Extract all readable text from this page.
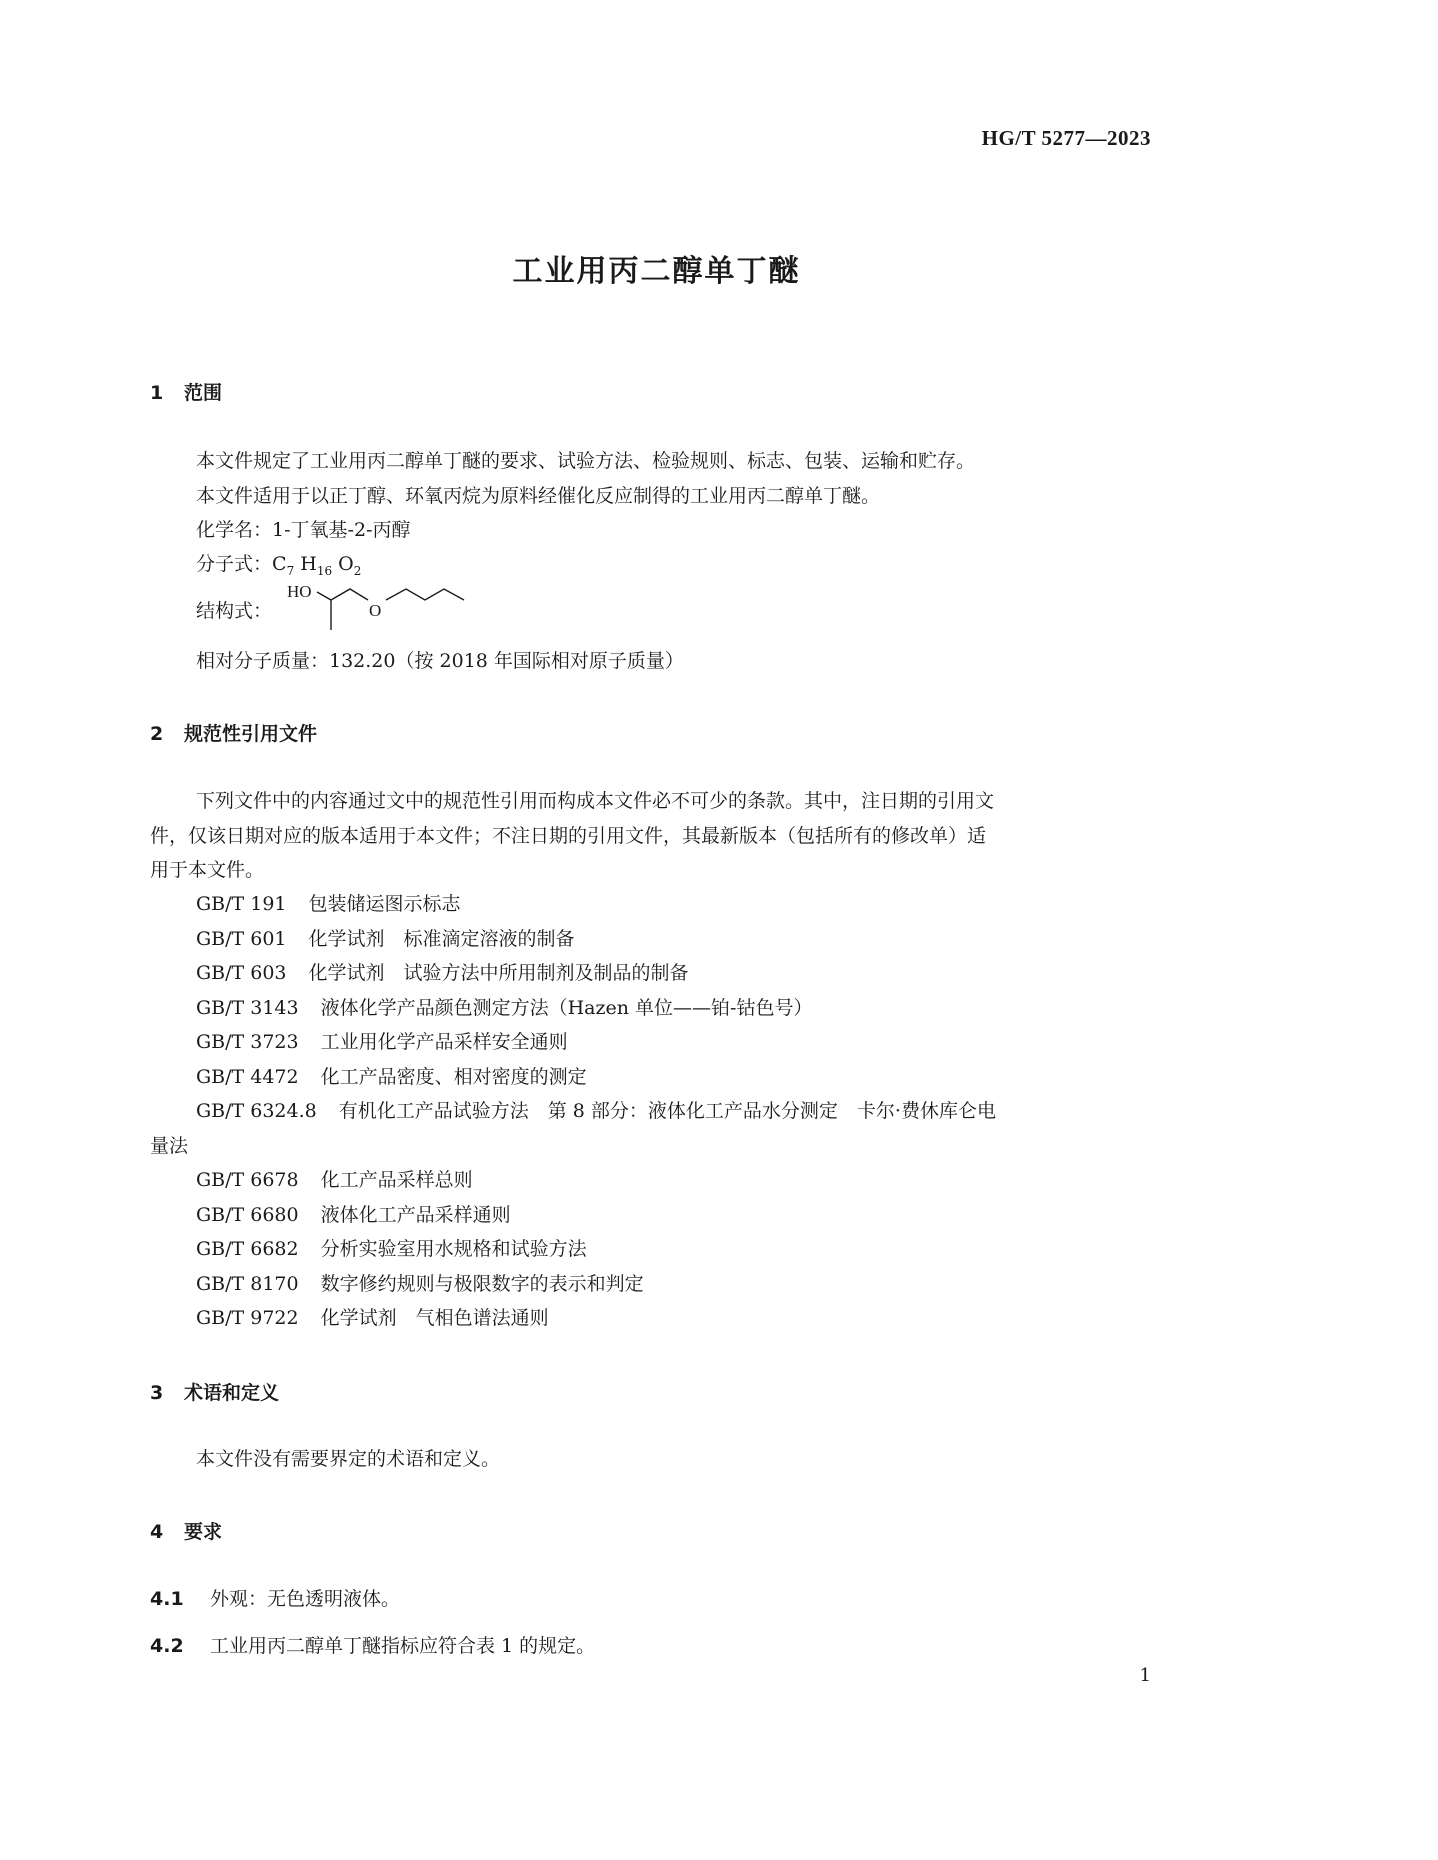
HG/T 5277—2023
工业用丙二醇单丁醚
1 范围
本文件规定了工业用丙二醇单丁醚的要求、试验方法、检验规则、标志、包装、运输和贮存。
本文件适用于以正丁醇、环氧丙烷为原料经催化反应制得的工业用丙二醇单丁醚。
化学名：1-丁氧基-2-丙醇
分子式：$C_7$ $H_{16}$ $O_2$
结构式：
HO
O
相对分子质量：132.20（按 2018 年国际相对原子质量）
2 规范性引用文件
下列文件中的内容通过文中的规范性引用而构成本文件必不可少的条款。其中，注日期的引用文
件，仅该日期对应的版本适用于本文件；不注日期的引用文件，其最新版本（包括所有的修改单）适
用于本文件。
GB/T 191 包装储运图示标志
GB/T 601 化学试剂　标准滴定溶液的制备
GB/T 603 化学试剂　试验方法中所用制剂及制品的制备
GB/T 3143 液体化学产品颜色测定方法（Hazen 单位——铂-钴色号）
GB/T 3723 工业用化学产品采样安全通则
GB/T 4472 化工产品密度、相对密度的测定
GB/T 6324.8 有机化工产品试验方法　第 8 部分：液体化工产品水分测定　卡尔·费休库仑电
量法
GB/T 6678 化工产品采样总则
GB/T 6680 液体化工产品采样通则
GB/T 6682 分析实验室用水规格和试验方法
GB/T 8170 数字修约规则与极限数字的表示和判定
GB/T 9722 化学试剂　气相色谱法通则
3 术语和定义
本文件没有需要界定的术语和定义。
4 要求
4.1 外观：无色透明液体。
4.2 工业用丙二醇单丁醚指标应符合表 1 的规定。
1
